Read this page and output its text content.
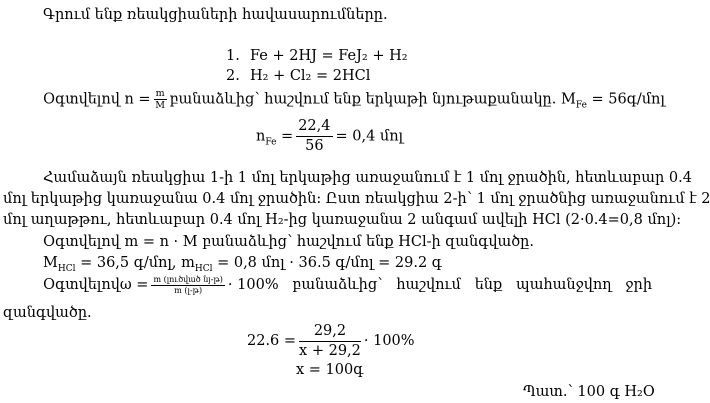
Գրում ենք ռեակցիաների հավասարումները.
1. Fe + 2HJ = FeJ₂ + H₂
2. H₂ + Cl₂ = 2HCl
Օգտվելով $n = \frac{m}{M}$ բանաձևից՝ հաշվում ենք երկաթի նյութաքանակը. $M_{Fe}$ = 56գ/մոլ
$n_{Fe} = \frac{22,4}{56} = 0,4$ մոլ
Համաձայն ռեակցիա 1-ի 1 մոլ երկաթից առաջանում է 1 մոլ ջրածին, հետևաբար 0.4
մոլ երկաթից կառաջանա 0.4 մոլ ջրածին: Ըստ ռեակցիա 2-ի՝ 1 մոլ ջրածնից առաջանում է 2
մոլ աղաթթու, հետևաբար 0.4 մոլ H₂-ից կառաջանա 2 անգամ ավելի HCl (2·0.4=0,8 մոլ):
Օգտվելով m = n · M բանաձևից՝ հաշվում ենք HCl-ի զանգվածը.
$M_{HCl} = 36,5$ գ/մոլ, $m_{HCl} = 0,8$ մոլ · 36.5 գ/մոլ = 29.2 գ
Օգտվելով $\omega = \frac{\text{m (լուծված նյ-թ)}}{\text{m (լ-թ)}} \cdot 100\%$   բանաձևից՝   հաշվում   ենք   պահանջվող   ջրի
զանգվածը.
$22.6 = \frac{29,2}{x + 29,2} \cdot 100\%$
x = 100գ
Պատ.՝ 100 գ H₂O
